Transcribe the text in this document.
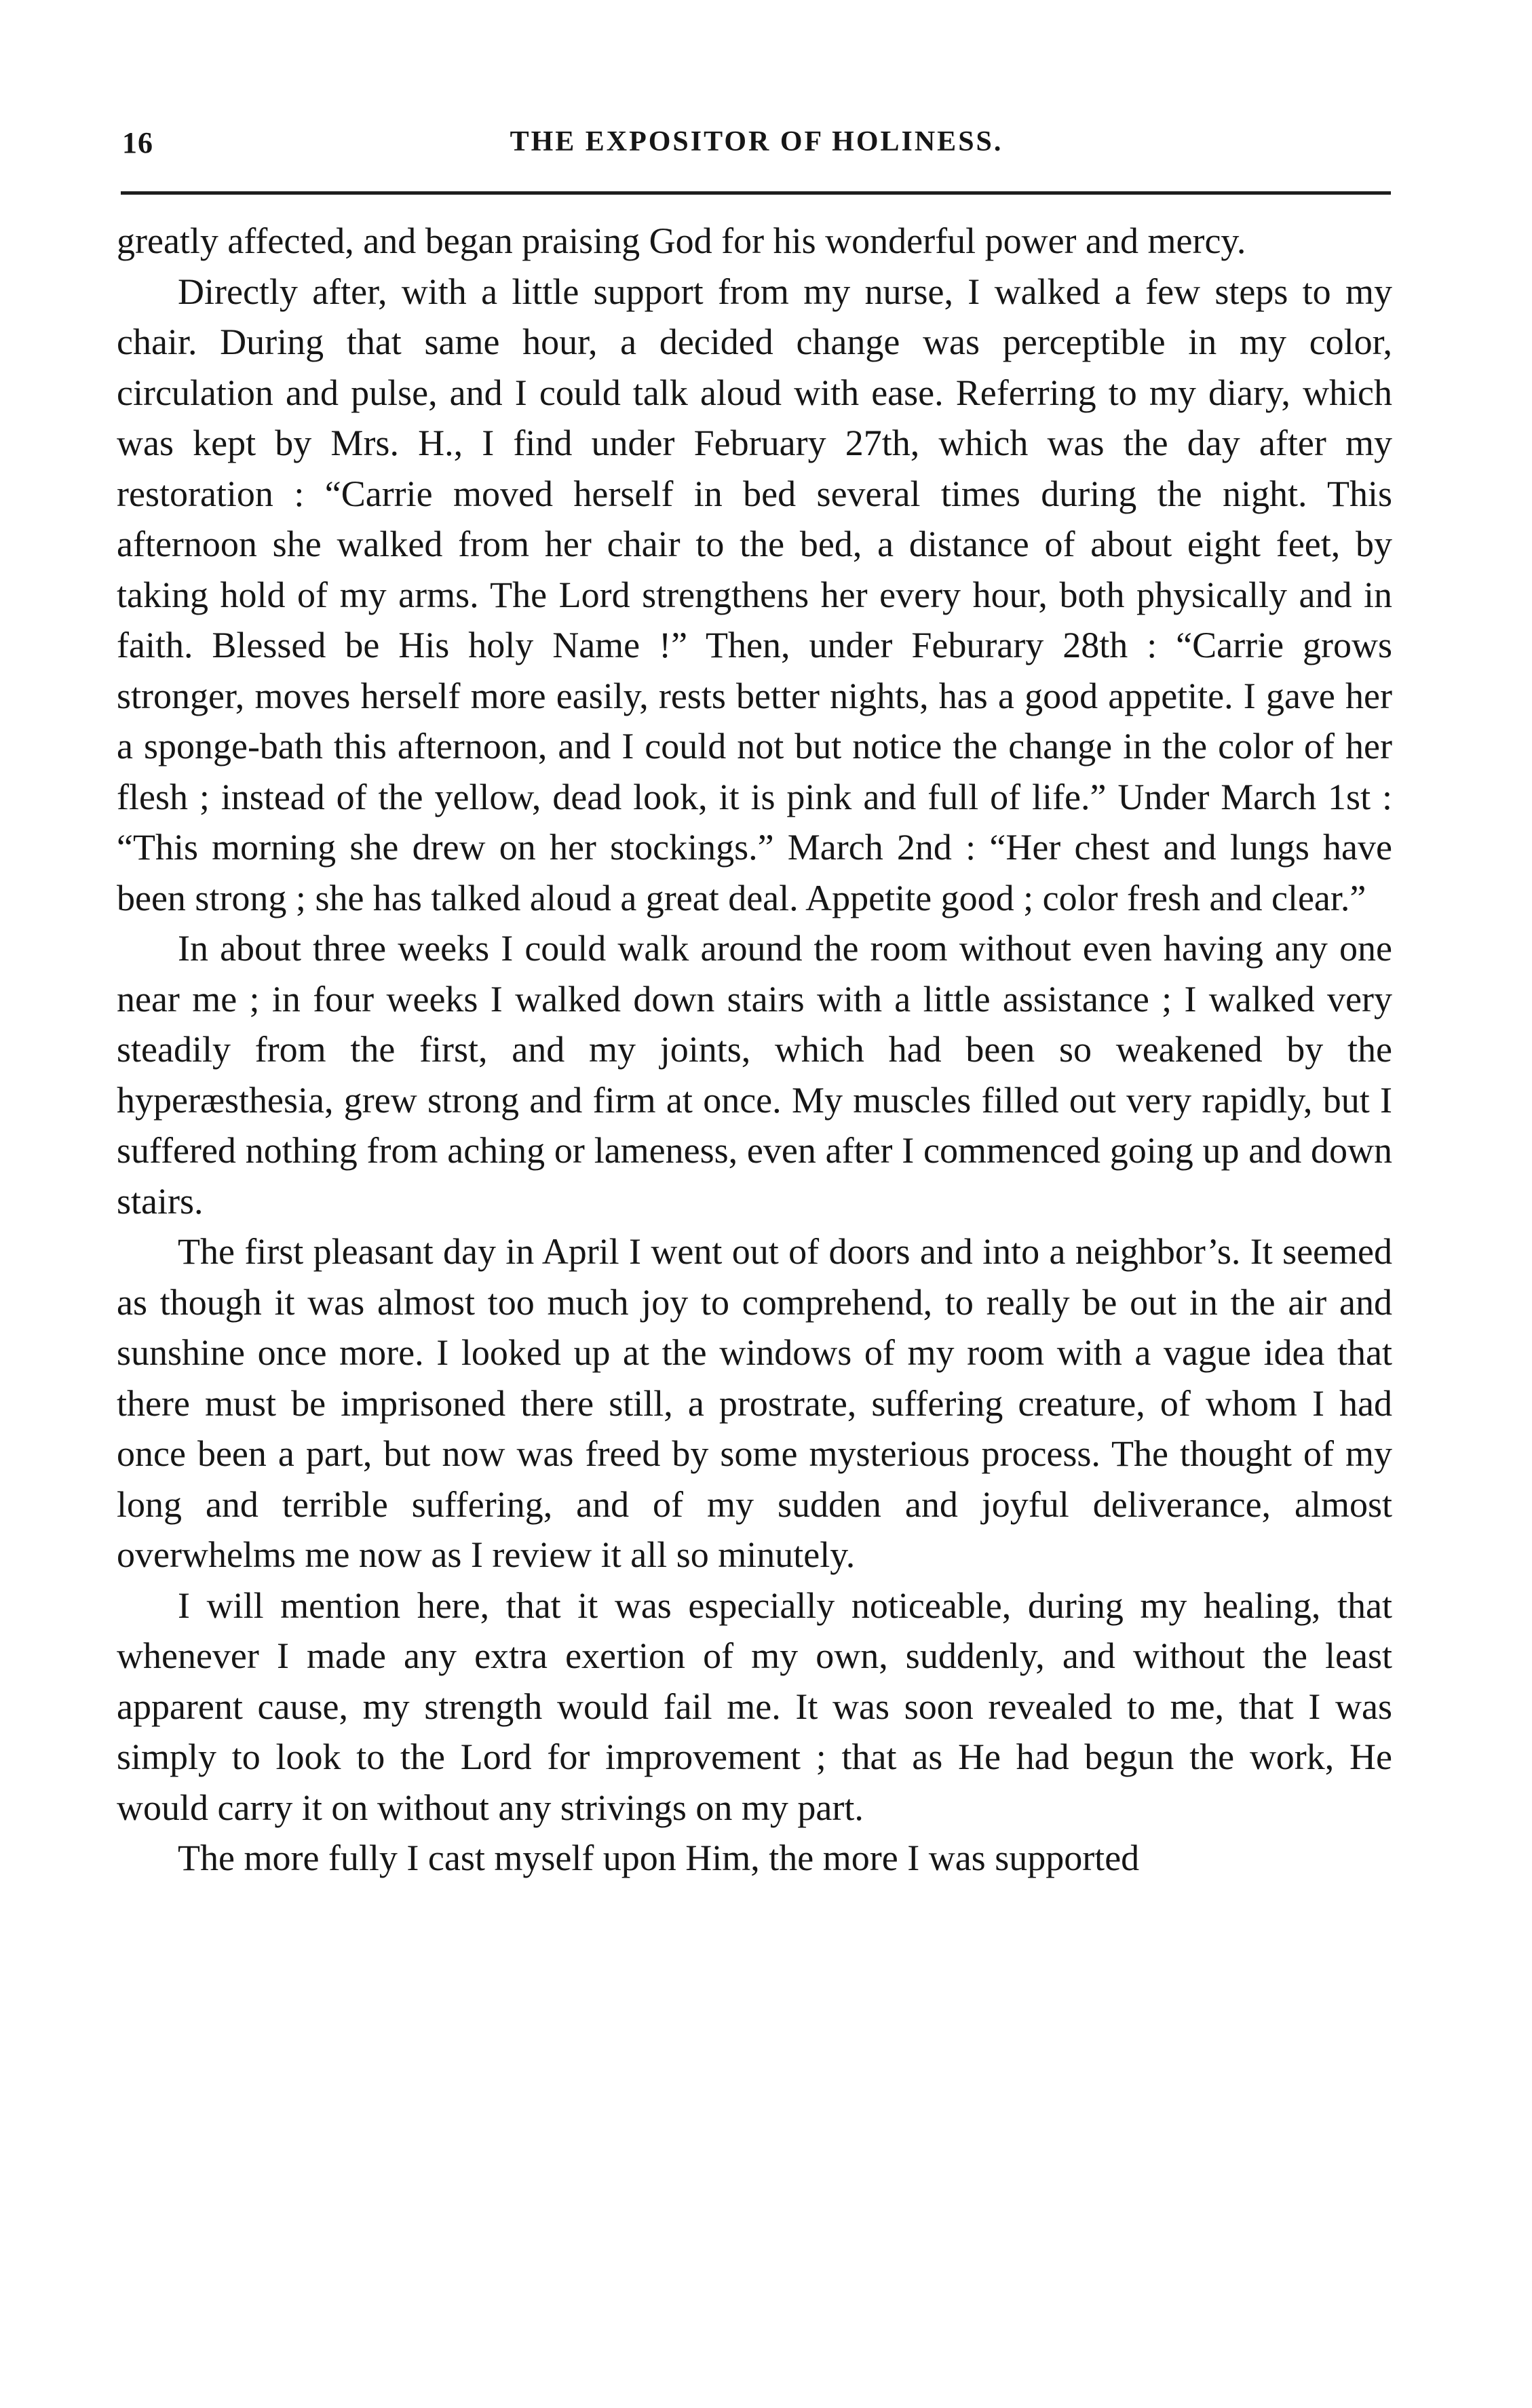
16	THE EXPOSITOR OF HOLINESS.

greatly affected, and began praising God for his wonderful power and mercy.

Directly after, with a little support from my nurse, I walked a few steps to my chair. During that same hour, a decided change was perceptible in my color, circulation and pulse, and I could talk aloud with ease. Referring to my diary, which was kept by Mrs. H., I find under February 27th, which was the day after my restoration : “Carrie moved herself in bed several times during the night. This afternoon she walked from her chair to the bed, a distance of about eight feet, by taking hold of my arms. The Lord strengthens her every hour, both physically and in faith. Blessed be His holy Name !” Then, under Feburary 28th : “Carrie grows stronger, moves herself more easily, rests better nights, has a good appetite. I gave her a sponge-bath this afternoon, and I could not but notice the change in the color of her flesh ; instead of the yellow, dead look, it is pink and full of life.” Under March 1st : “This morning she drew on her stockings.” March 2nd : “Her chest and lungs have been strong ; she has talked aloud a great deal. Appetite good ; color fresh and clear.”

In about three weeks I could walk around the room without even having any one near me ; in four weeks I walked down stairs with a little assistance ; I walked very steadily from the first, and my joints, which had been so weakened by the hyperæsthesia, grew strong and firm at once. My muscles filled out very rapidly, but I suffered nothing from aching or lameness, even after I commenced going up and down stairs.

The first pleasant day in April I went out of doors and into a neighbor’s. It seemed as though it was almost too much joy to comprehend, to really be out in the air and sunshine once more. I looked up at the windows of my room with a vague idea that there must be imprisoned there still, a prostrate, suffering creature, of whom I had once been a part, but now was freed by some mysterious process. The thought of my long and terrible suffering, and of my sudden and joyful deliverance, almost overwhelms me now as I review it all so minutely.

I will mention here, that it was especially noticeable, during my healing, that whenever I made any extra exertion of my own, suddenly, and without the least apparent cause, my strength would fail me. It was soon revealed to me, that I was simply to look to the Lord for improvement ; that as He had begun the work, He would carry it on without any strivings on my part.

The more fully I cast myself upon Him, the more I was supported
